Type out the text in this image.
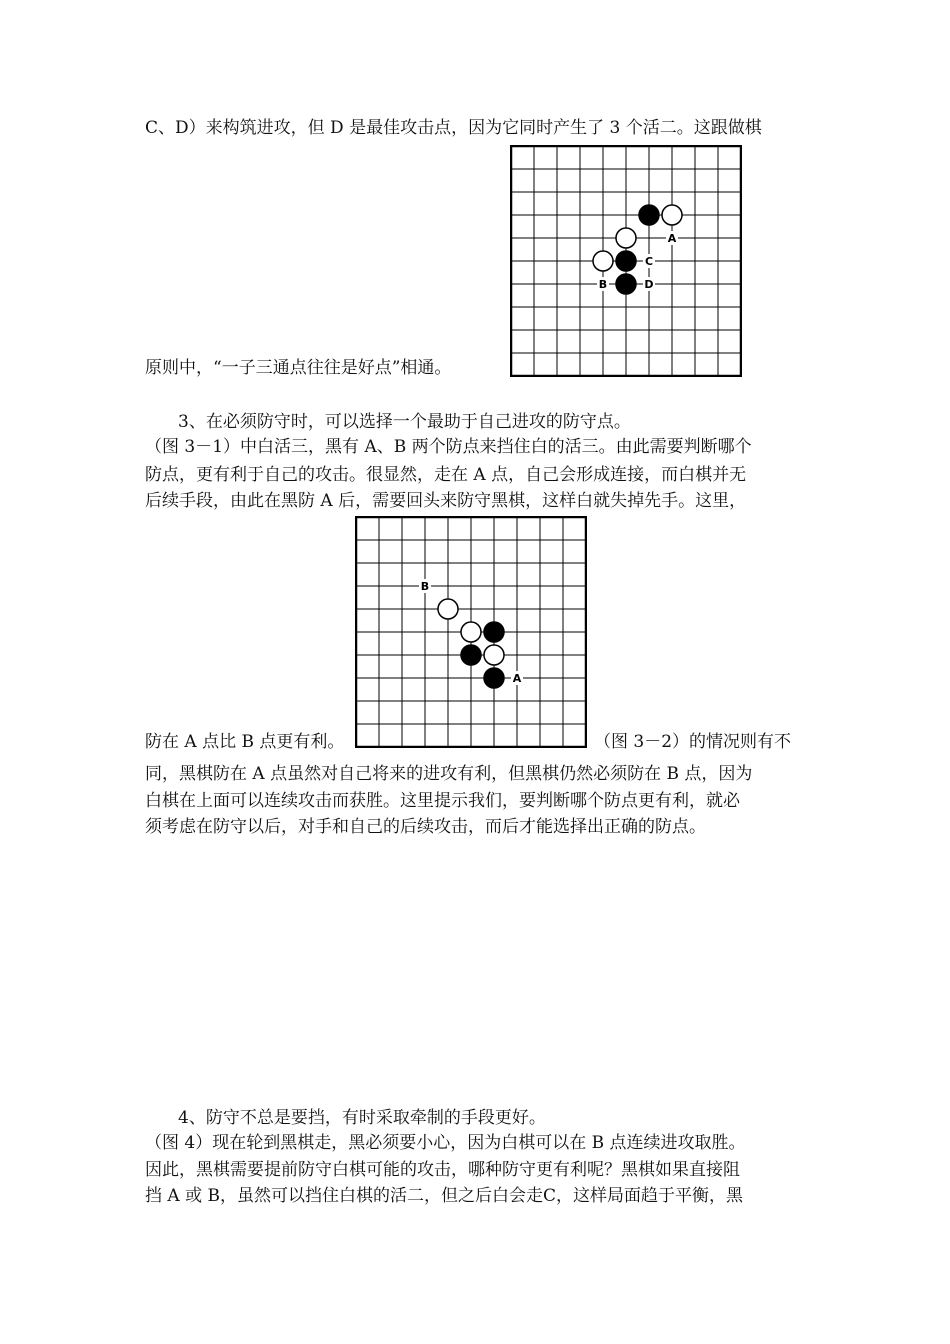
C、D）来构筑进攻，但 D 是最佳攻击点，因为它同时产生了 3 个活二。这跟做棋
A
C
B	D
原则中，“一子三通点往往是好点”相通。
3、在必须防守时，可以选择一个最助于自己进攻的防守点。
（图 3－1）中白活三，黑有 A、B 两个防点来挡住白的活三。由此需要判断哪个
防点，更有利于自己的攻击。很显然，走在 A 点，自己会形成连接，而白棋并无
后续手段，由此在黑防 A 后，需要回头来防守黑棋，这样白就失掉先手。这里，
B
A
防在 A 点比 B 点更有利。	（图 3－2）的情况则有不
同，黑棋防在 A 点虽然对自己将来的进攻有利，但黑棋仍然必须防在 B 点，因为
白棋在上面可以连续攻击而获胜。这里提示我们，要判断哪个防点更有利，就必
须考虑在防守以后，对手和自己的后续攻击，而后才能选择出正确的防点。
4、防守不总是要挡，有时采取牵制的手段更好。
（图 4）现在轮到黑棋走，黑必须要小心，因为白棋可以在 B 点连续进攻取胜。
因此，黑棋需要提前防守白棋可能的攻击，哪种防守更有利呢？黑棋如果直接阻
挡 A 或 B，虽然可以挡住白棋的活二，但之后白会走C，这样局面趋于平衡，黑
